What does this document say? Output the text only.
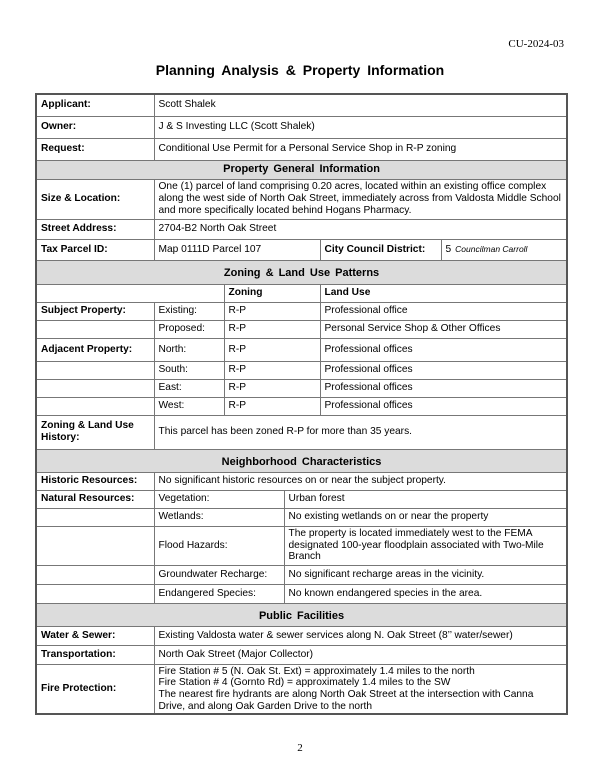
CU-2024-03
Planning Analysis & Property Information
Applicant:	Scott Shalek				
Owner:	J & S Investing LLC (Scott Shalek)				
Request:	Conditional Use Permit for a Personal Service Shop in R-P zoning				
Property General Information					
Size & Location:	One (1) parcel of land comprising 0.20 acres, located within an existing office complex along the west side of North Oak Street, immediately across from Valdosta Middle School and more specifically located behind Hogans Pharmacy.				
Street Address:	2704-B2 North Oak Street				
Tax Parcel ID:	Map 0111D Parcel 107			City Council District:	5 Councilman Carroll

Zoning & Land Use Patterns					
		Zoning		Land Use	
Subject Property:	Existing:	R-P		Professional office	
	Proposed:	R-P		Personal Service Shop & Other Offices	
Adjacent Property:	North:	R-P		Professional offices	
	South:	R-P		Professional offices	
	East:	R-P		Professional offices	
	West:	R-P		Professional offices	
Zoning & Land Use History:	This parcel has been zoned R-P for more than 35 years.				

Neighborhood Characteristics					
Historic Resources:	No significant historic resources on or near the subject property.				
Natural Resources:	Vegetation:		Urban forest		
	Wetlands:		No existing wetlands on or near the property		
	Flood Hazards:		The property is located immediately west to the FEMA designated 100-year floodplain associated with Two-Mile Branch		
	Groundwater Recharge:		No significant recharge areas in the vicinity.		
	Endangered Species:		No known endangered species in the area.		

Public Facilities					
Water & Sewer:	Existing Valdosta water & sewer services along N. Oak Street (8’’ water/sewer)				
Transportation:	North Oak Street (Major Collector)				
Fire Protection:	Fire Station # 5 (N. Oak St. Ext) = approximately 1.4 miles to the north
Fire Station # 4 (Gornto Rd) = approximately 1.4 miles to the SW
The nearest fire hydrants are along North Oak Street at the intersection with Canna Drive, and along Oak Garden Drive to the north				
2
